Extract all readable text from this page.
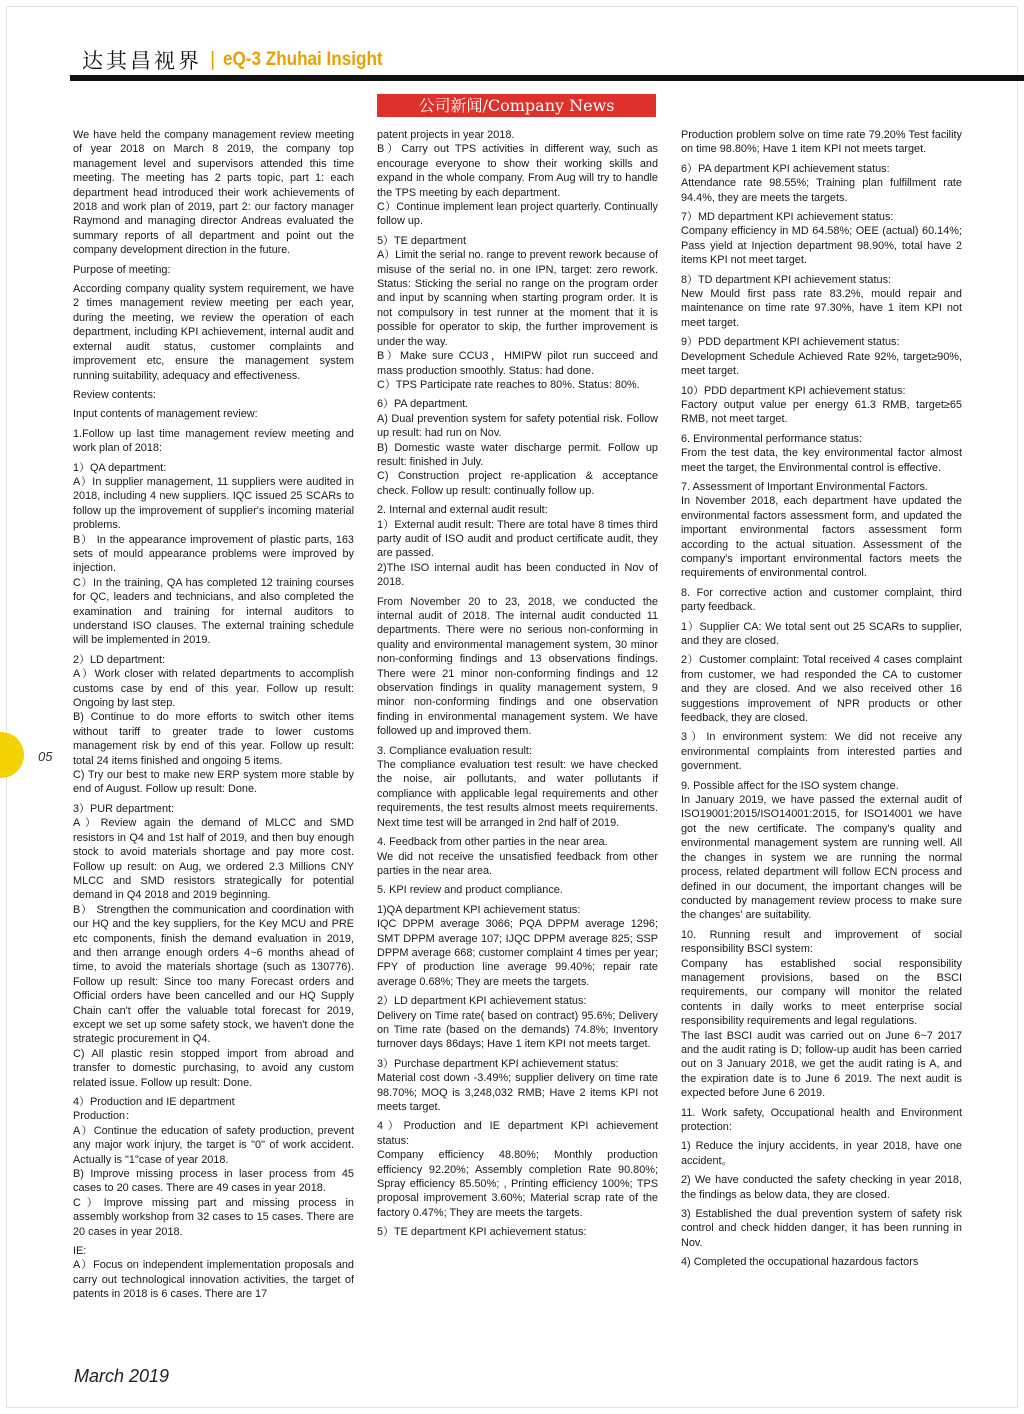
达其昌视界 | eQ-3 Zhuhai Insight
公司新闻/Company News
05

We have held the company management review meeting of year 2018 on March 8 2019, the company top management level and supervisors attended this time meeting. The meeting has 2 parts topic, part 1: each department head introduced their work achievements of 2018 and work plan of 2019, part 2: our factory manager Raymond and managing director Andreas evaluated the summary reports of all department and point out the company development direction in the future.

Purpose of meeting:

According company quality system requirement, we have 2 times management review meeting per each year, during the meeting, we review the operation of each department, including KPI achievement, internal audit and external audit status, customer complaints and improvement etc, ensure the management system running suitability, adequacy and effectiveness.

Review contents:

Input contents of management review:

1.Follow up last time management review meeting and work plan of 2018:

1）QA department:
A）In supplier management, 11 suppliers were audited in 2018, including 4 new suppliers. IQC issued 25 SCARs to follow up the improvement of supplier's incoming material problems.
B） In the appearance improvement of plastic parts, 163 sets of mould appearance problems were improved by injection.
C）In the training, QA has completed 12 training courses for QC, leaders and technicians, and also completed the examination and training for internal auditors to understand ISO clauses. The external training schedule will be implemented in 2019.

2）LD department:
A）Work closer with related departments to accomplish customs case by end of this year. Follow up result: Ongoing by last step.
B) Continue to do more efforts to switch other items without tariff to greater trade to lower customs management risk by end of this year. Follow up result: total 24 items finished and ongoing 5 items.
C) Try our best to make new ERP system more stable by end of August. Follow up result: Done.

3）PUR department:
A）Review again the demand of MLCC and SMD resistors in Q4 and 1st half of 2019, and then buy enough stock to avoid materials shortage and pay more cost. Follow up result: on Aug, we ordered 2.3 Millions CNY MLCC and SMD resistors strategically for potential demand in Q4 2018 and 2019 beginning.
B） Strengthen the communication and coordination with our HQ and the key suppliers, for the Key MCU and PRE etc components, finish the demand evaluation in 2019, and then arrange enough orders 4~6 months ahead of time, to avoid the materials shortage (such as 130776). Follow up result: Since too many Forecast orders and Official orders have been cancelled and our HQ Supply Chain can't offer the valuable total forecast for 2019, except we set up some safety stock, we haven't done the strategic procurement in Q4.
C) All plastic resin stopped import from abroad and transfer to domestic purchasing, to avoid any custom related issue. Follow up result: Done.

4）Production and IE department
Production：
A）Continue the education of safety production, prevent any major work injury, the target is "0" of work accident. Actually is "1"case of year 2018.
B) Improve missing process in laser process from 45 cases to 20 cases. There are 49 cases in year 2018.
C）Improve missing part and missing process in assembly workshop from 32 cases to 15 cases. There are 20 cases in year 2018.

IE:
A）Focus on independent implementation proposals and carry out technological innovation activities, the target of patents in 2018 is 6 cases. There are 17

patent projects in year 2018.
B）Carry out TPS activities in different way, such as encourage everyone to show their working skills and expand in the whole company. From Aug will try to handle the TPS meeting by each department.
C）Continue implement lean project quarterly. Continually follow up.

5）TE department
A）Limit the serial no. range to prevent rework because of misuse of the serial no. in one IPN, target: zero rework. Status: Sticking the serial no range on the program order and input by scanning when starting program order. It is not compulsory in test runner at the moment that it is possible for operator to skip, the further improvement is under the way.
B）Make sure CCU3，HMIPW pilot run succeed and mass production smoothly. Status: had done.
C）TPS Participate rate reaches to 80%. Status: 80%.

6）PA department.
A) Dual prevention system for safety potential risk. Follow up result: had run on Nov.
B) Domestic waste water discharge permit. Follow up result: finished in July.
C) Construction project re-application & acceptance check. Follow up result: continually follow up.

2. Internal and external audit result:
1）External audit result: There are total have 8 times third party audit of ISO audit and product certificate audit, they are passed.
2)The ISO internal audit has been conducted in Nov of 2018.

From November 20 to 23, 2018, we conducted the internal audit of 2018. The internal audit conducted 11 departments. There were no serious non-conforming in quality and environmental management system, 30 minor non-conforming findings and 13 observations findings. There were 21 minor non-conforming findings and 12 observation findings in quality management system, 9 minor non-conforming findings and one observation finding in environmental management system. We have followed up and improved them.

3. Compliance evaluation result:
The compliance evaluation test result: we have checked the noise, air pollutants, and water pollutants if compliance with applicable legal requirements and other requirements, the test results almost meets requirements. Next time test will be arranged in 2nd half of 2019.

4. Feedback from other parties in the near area.
We did not receive the unsatisfied feedback from other parties in the near area.

5. KPI review and product compliance.

1)QA department KPI achievement status:
IQC DPPM average 3066; PQA DPPM average 1296; SMT DPPM average 107; IJQC DPPM average 825; SSP DPPM average 668; customer complaint 4 times per year; FPY of production line average 99.40%; repair rate average 0.68%; They are meets the targets.

2）LD department KPI achievement status:
Delivery on Time rate( based on contract) 95.6%; Delivery on Time rate (based on the demands) 74.8%; Inventory turnover days 86days; Have 1 item KPI not meets target.

3）Purchase department KPI achievement status:
Material cost down -3.49%; supplier delivery on time rate 98.70%; MOQ is 3,248,032 RMB; Have 2 items KPI not meets target.

4）Production and IE department KPI achievement status:
Company efficiency 48.80%; Monthly production efficiency 92.20%; Assembly completion Rate 90.80%; Spray efficiency 85.50%; , Printing efficiency 100%; TPS proposal improvement 3.60%; Material scrap rate of the factory 0.47%; They are meets the targets.

5）TE department KPI achievement status:

Production problem solve on time rate 79.20% Test facility on time 98.80%; Have 1 item KPI not meets target.

6）PA department KPI achievement status:
Attendance rate 98.55%; Training plan fulfillment rate 94.4%, they are meets the targets.

7）MD department KPI achievement status:
Company efficiency in MD 64.58%; OEE (actual) 60.14%; Pass yield at Injection department 98.90%, total have 2 items KPI not meet target.

8）TD department KPI achievement status:
New Mould first pass rate 83.2%, mould repair and maintenance on time rate 97.30%, have 1 item KPI not meet target.

9）PDD department KPI achievement status:
Development Schedule Achieved Rate 92%, target≥90%, meet target.

10）PDD department KPI achievement status:
Factory output value per energy 61.3 RMB, target≥65 RMB, not meet target.

6. Environmental performance status:
From the test data, the key environmental factor almost meet the target, the Environmental control is effective.

7. Assessment of Important Environmental Factors.
In November 2018, each department have updated the environmental factors assessment form, and updated the important environmental factors assessment form according to the actual situation. Assessment of the company's important environmental factors meets the requirements of environmental control.

8. For corrective action and customer complaint, third party feedback.

1）Supplier CA: We total sent out 25 SCARs to supplier, and they are closed.

2）Customer complaint: Total received 4 cases complaint from customer, we had responded the CA to customer and they are closed. And we also received other 16 suggestions improvement of NPR products or other feedback, they are closed.

3）In environment system: We did not receive any environmental complaints from interested parties and government.

9. Possible affect for the ISO system change.
In January 2019, we have passed the external audit of ISO19001:2015/ISO14001:2015, for ISO14001 we have got the new certificate. The company's quality and environmental management system are running well. All the changes in system we are running the normal process, related department will follow ECN process and defined in our document, the important changes will be conducted by management review process to make sure the changes' are suitability.

10. Running result and improvement of social responsibility BSCI system:
Company has established social responsibility management provisions, based on the BSCI requirements, our company will monitor the related contents in daily works to meet enterprise social responsibility requirements and legal regulations.
The last BSCI audit was carried out on June 6~7 2017 and the audit rating is D; follow-up audit has been carried out on 3 January 2018, we get the audit rating is A, and the expiration date is to June 6 2019. The next audit is expected before June 6 2019.

11. Work safety, Occupational health and Environment protection:

1) Reduce the injury accidents, in year 2018, have one accident。

2) We have conducted the safety checking in year 2018, the findings as below data, they are closed.

3) Established the dual prevention system of safety risk control and check hidden danger, it has been running in Nov.

4) Completed the occupational hazardous factors

March 2019
